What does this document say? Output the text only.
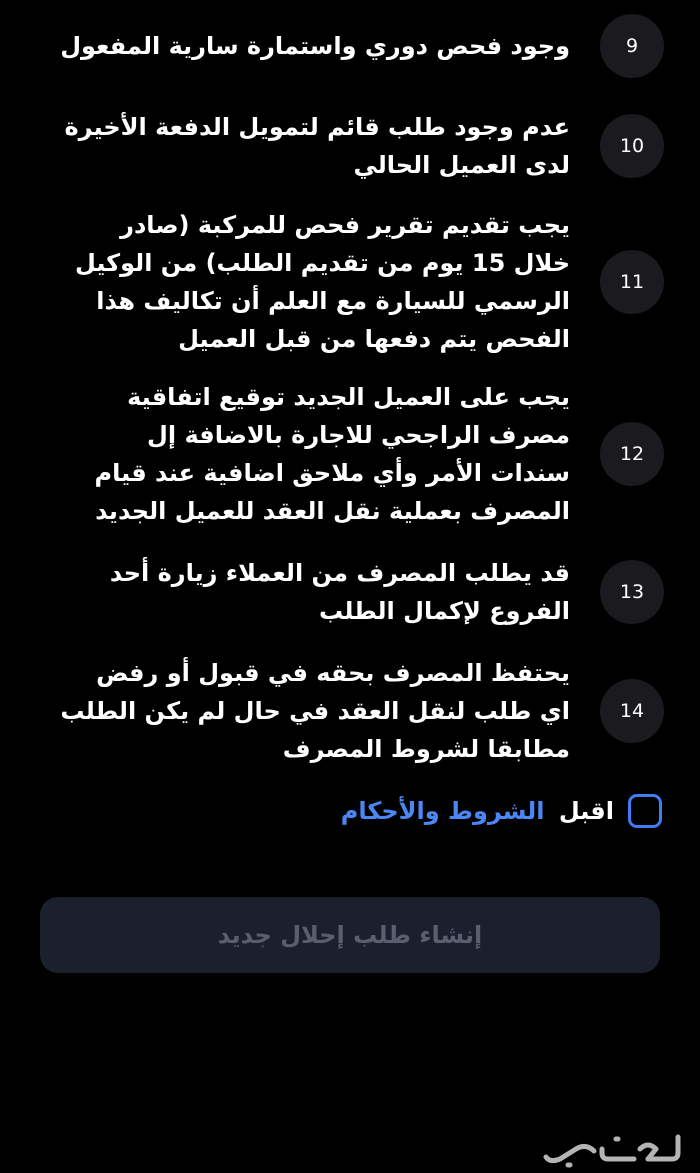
9
وجود فحص دوري واستمارة سارية المفعول
10
عدم وجود طلب قائم لتمويل الدفعة الأخيرة لدى العميل الحالي
11
يجب تقديم تقرير فحص للمركبة (صادر خلال 15 يوم من تقديم الطلب) من الوكيل الرسمي للسيارة مع العلم أن تكاليف هذا الفحص يتم دفعها من قبل العميل
12
يجب على العميل الجديد توقيع اتفاقية مصرف الراجحي للاجارة بالاضافة إل سندات الأمر وأي ملاحق اضافية عند قيام المصرف بعملية نقل العقد للعميل الجديد
13
قد يطلب المصرف من العملاء زيارة أحد الفروع لإكمال الطلب
14
يحتفظ المصرف بحقه في قبول أو رفض اي طلب لنقل العقد في حال لم يكن الطلب مطابقا لشروط المصرف
اقبل الشروط والأحكام
إنشاء طلب إحلال جديد
